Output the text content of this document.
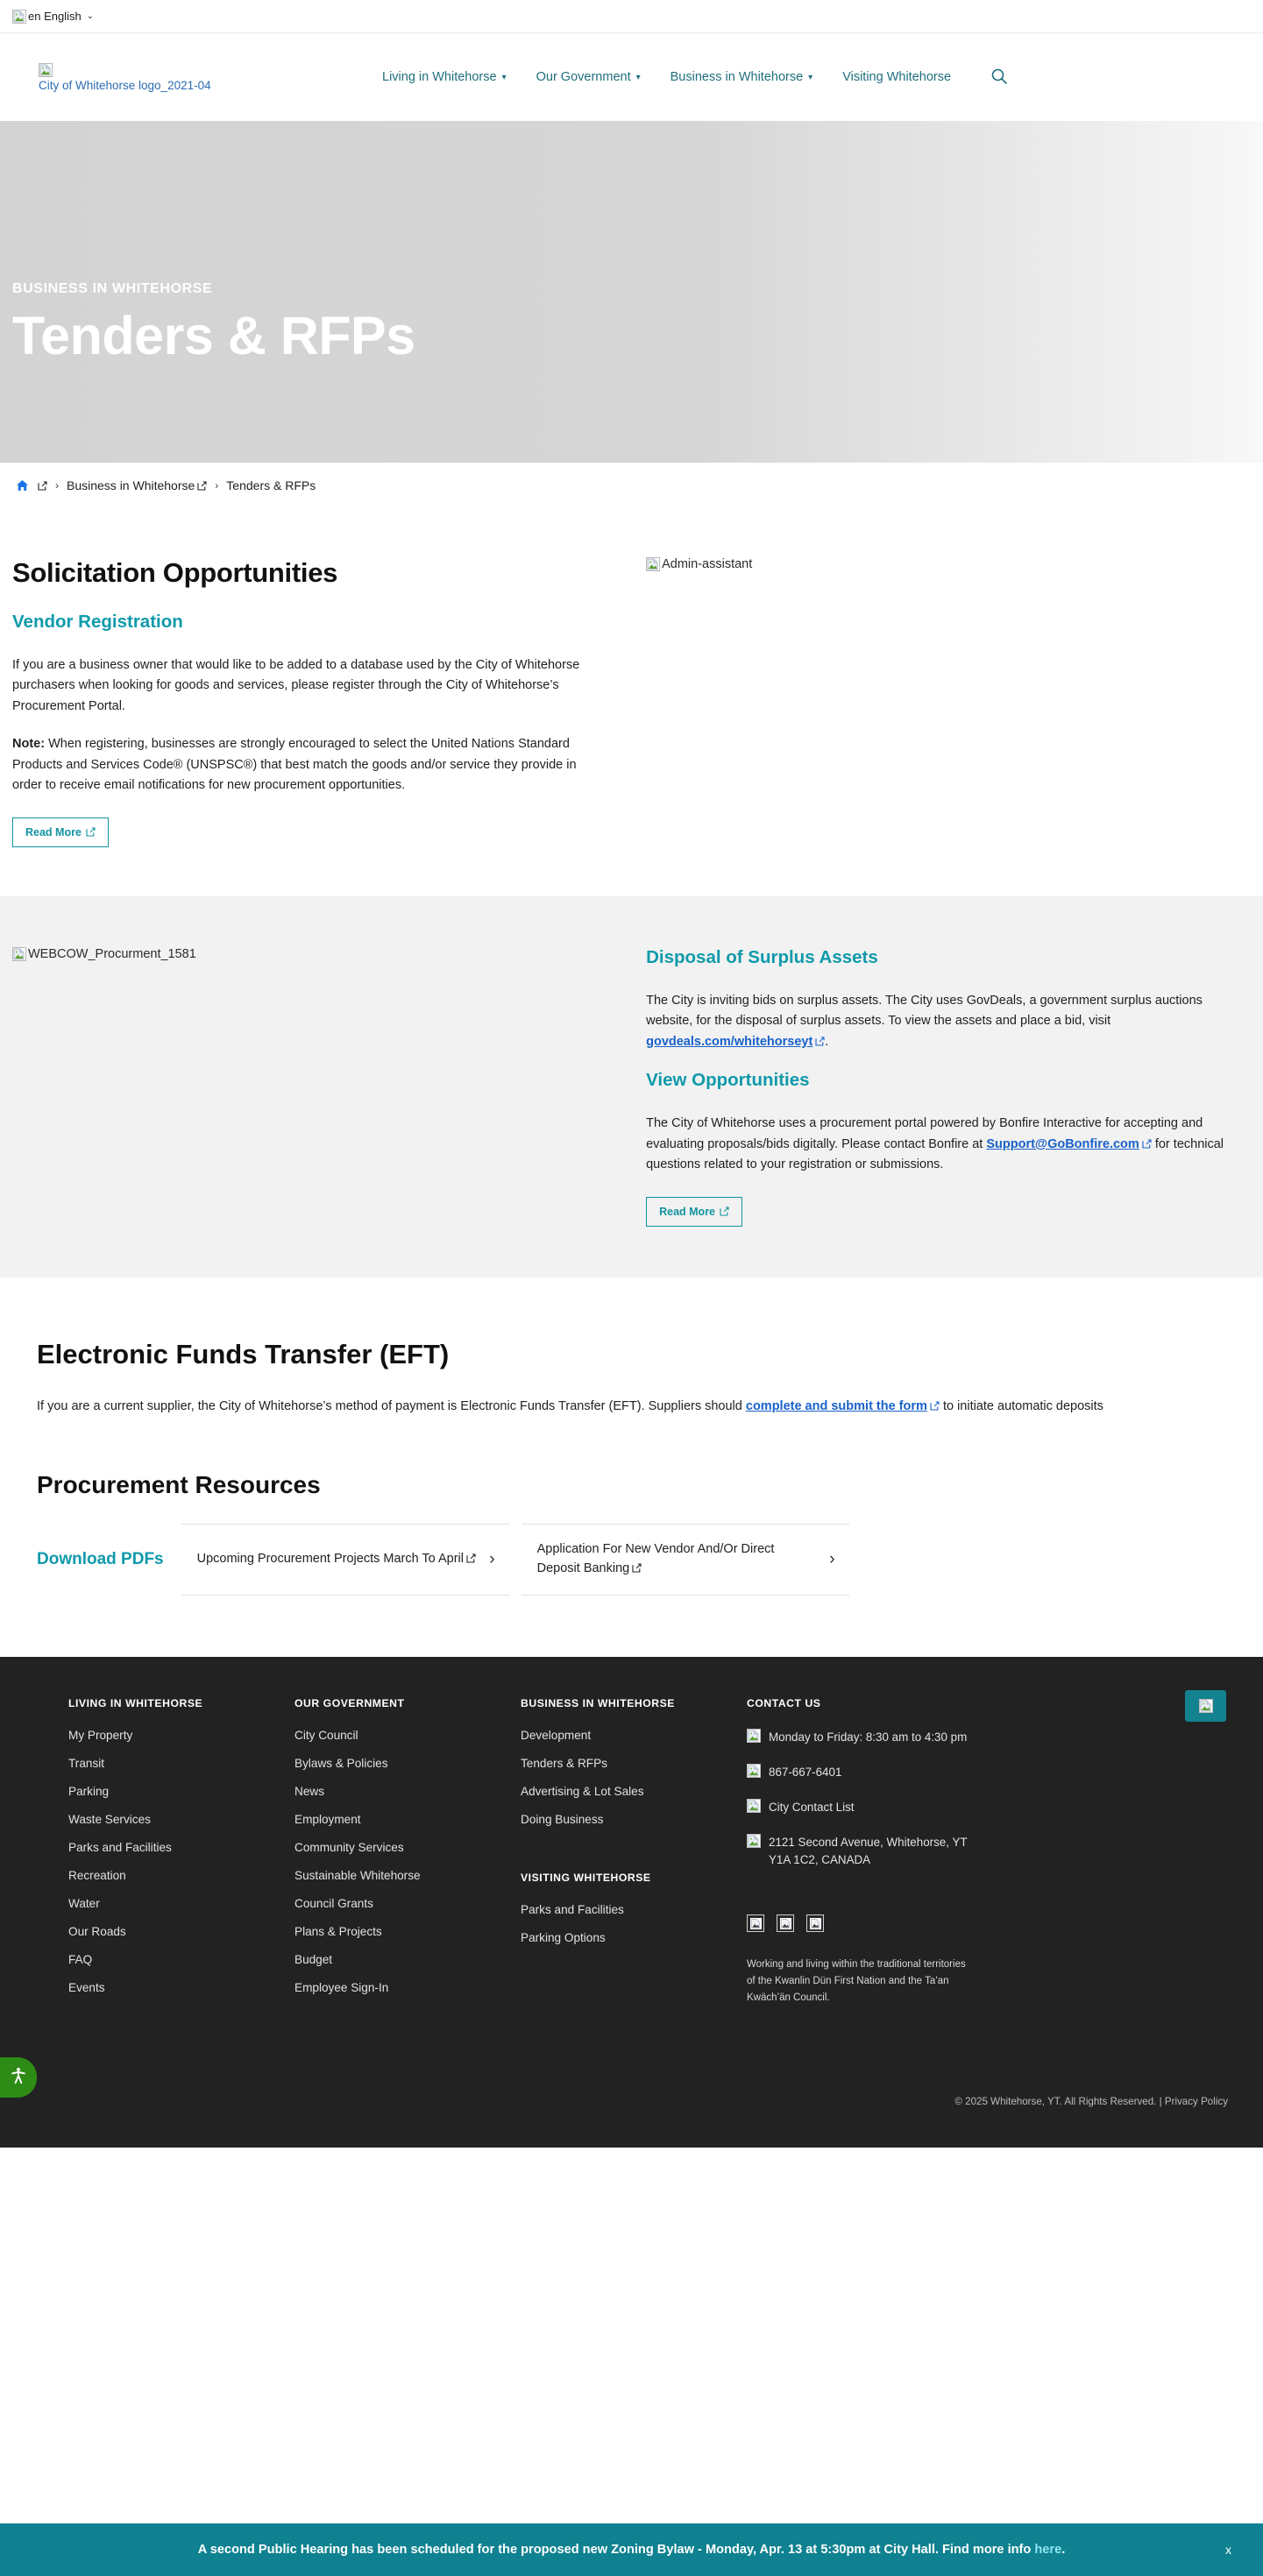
en English ⌄
City of Whitehorse logo_2021-04
Living in Whitehorse ▾ Our Government ▾ Business in Whitehorse ▾ Visiting Whitehorse
BUSINESS IN WHITEHORSE
Tenders & RFPs
› Business in Whitehorse › Tenders & RFPs
Solicitation Opportunities
Vendor Registration

If you are a business owner that would like to be added to a database used by the City of Whitehorse purchasers when looking for goods and services, please register through the City of Whitehorse’s Procurement Portal.

Note: When registering, businesses are strongly encouraged to select the United Nations Standard Products and Services Code® (UNSPSC®) that best match the goods and/or service they provide in order to receive email notifications for new procurement opportunities.

Read More
Admin-assistant
WEBCOW_Procurment_1581	Disposal of Surplus Assets

The City is inviting bids on surplus assets. The City uses GovDeals, a government surplus auctions website, for the disposal of surplus assets. To view the assets and place a bid, visit govdeals.com/whitehorseyt .

View Opportunities

The City of Whitehorse uses a procurement portal powered by Bonfire Interactive for accepting and evaluating proposals/bids digitally. Please contact Bonfire at Support@GoBonfire.com
for technical questions related to your registration or submissions.

Read More
Electronic Funds Transfer (EFT)
If you are a current supplier, the City of Whitehorse’s method of payment is Electronic Funds Transfer (EFT). Suppliers should complete and submit the form
to initiate automatic deposits
Procurement Resources
Download PDFs	Upcoming Procurement Projects March To April	›
Application For New Vendor And/Or Direct Deposit Banking	›
LIVING IN WHITEHORSE
My Property
Transit
Parking
Waste Services
Parks and Facilities
Recreation
Water
Our Roads
FAQ
Events
OUR GOVERNMENT
City Council
Bylaws & Policies
News
Employment
Community Services
Sustainable Whitehorse
Council Grants
Plans & Projects
Budget
Employee Sign-In
BUSINESS IN WHITEHORSE
Development
Tenders & RFPs
Advertising & Lot Sales
Doing Business
VISITING WHITEHORSE
Parks and Facilities
Parking Options
CONTACT US
Monday to Friday: 8:30 am to 4:30 pm
867-667-6401
City Contact List
2121 Second Avenue, Whitehorse, YT Y1A 1C2, CANADA
Working and living within the traditional territories of the Kwanlin Dün First Nation and the Ta’an Kwäch’än Council.
© 2025 Whitehorse, YT. All Rights Reserved. | Privacy Policy
A second Public Hearing has been scheduled for the proposed new Zoning Bylaw - Monday, Apr. 13 at 5:30pm at City Hall. Find more info here.	x
